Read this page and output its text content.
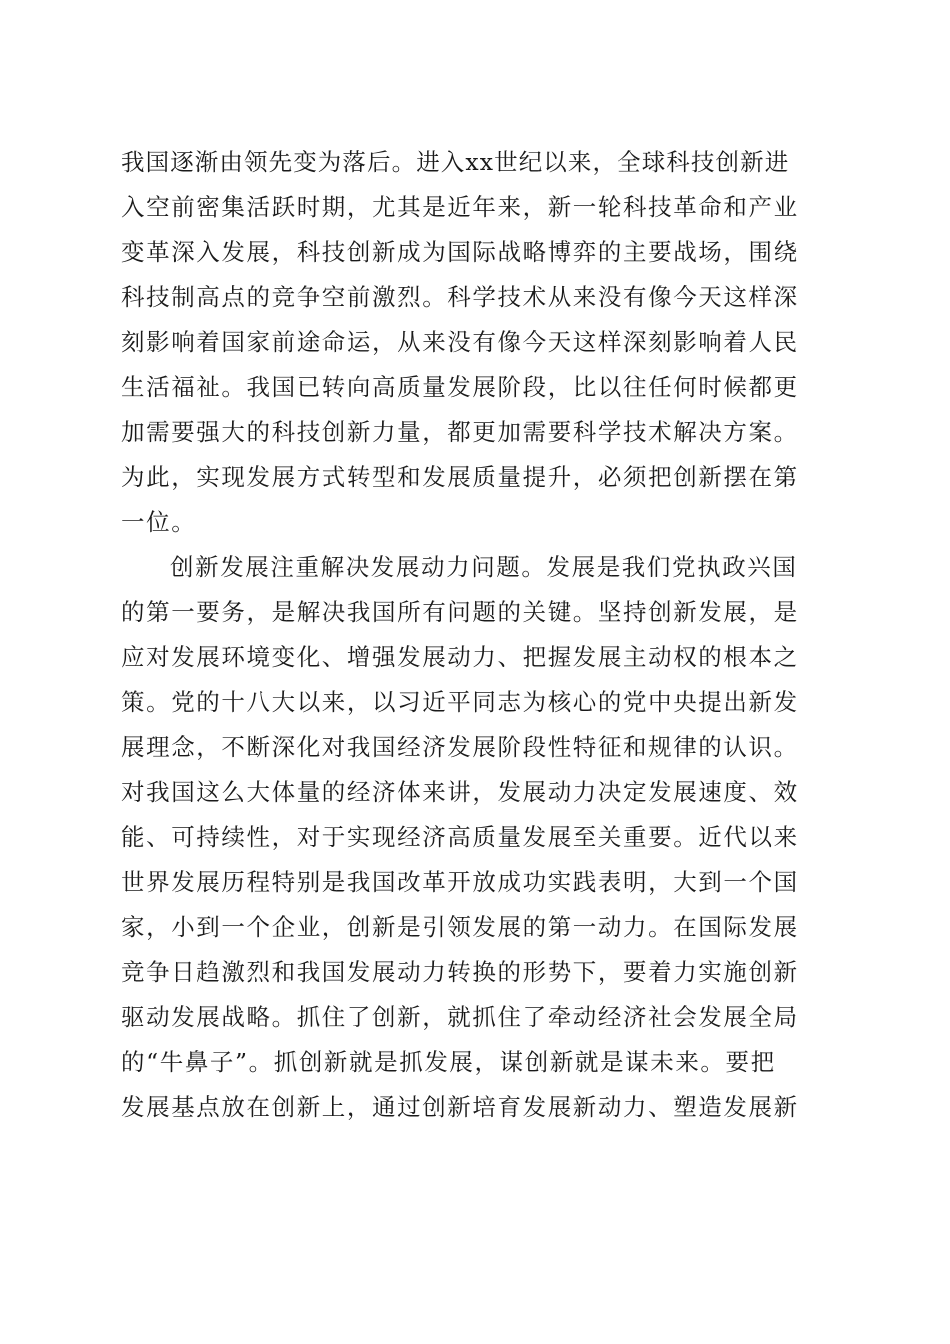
我国逐渐由领先变为落后。进入xx世纪以来，全球科技创新进
入空前密集活跃时期，尤其是近年来，新一轮科技革命和产业
变革深入发展，科技创新成为国际战略博弈的主要战场，围绕
科技制高点的竞争空前激烈。科学技术从来没有像今天这样深
刻影响着国家前途命运，从来没有像今天这样深刻影响着人民
生活福祉。我国已转向高质量发展阶段，比以往任何时候都更
加需要强大的科技创新力量，都更加需要科学技术解决方案。
为此，实现发展方式转型和发展质量提升，必须把创新摆在第
一位。
创新发展注重解决发展动力问题。发展是我们党执政兴国
的第一要务，是解决我国所有问题的关键。坚持创新发展，是
应对发展环境变化、增强发展动力、把握发展主动权的根本之
策。党的十八大以来，以习近平同志为核心的党中央提出新发
展理念，不断深化对我国经济发展阶段性特征和规律的认识。
对我国这么大体量的经济体来讲，发展动力决定发展速度、效
能、可持续性，对于实现经济高质量发展至关重要。近代以来
世界发展历程特别是我国改革开放成功实践表明，大到一个国
家，小到一个企业，创新是引领发展的第一动力。在国际发展
竞争日趋激烈和我国发展动力转换的形势下，要着力实施创新
驱动发展战略。抓住了创新，就抓住了牵动经济社会发展全局
的“牛鼻子”。抓创新就是抓发展，谋创新就是谋未来。要把
发展基点放在创新上，通过创新培育发展新动力、塑造发展新
